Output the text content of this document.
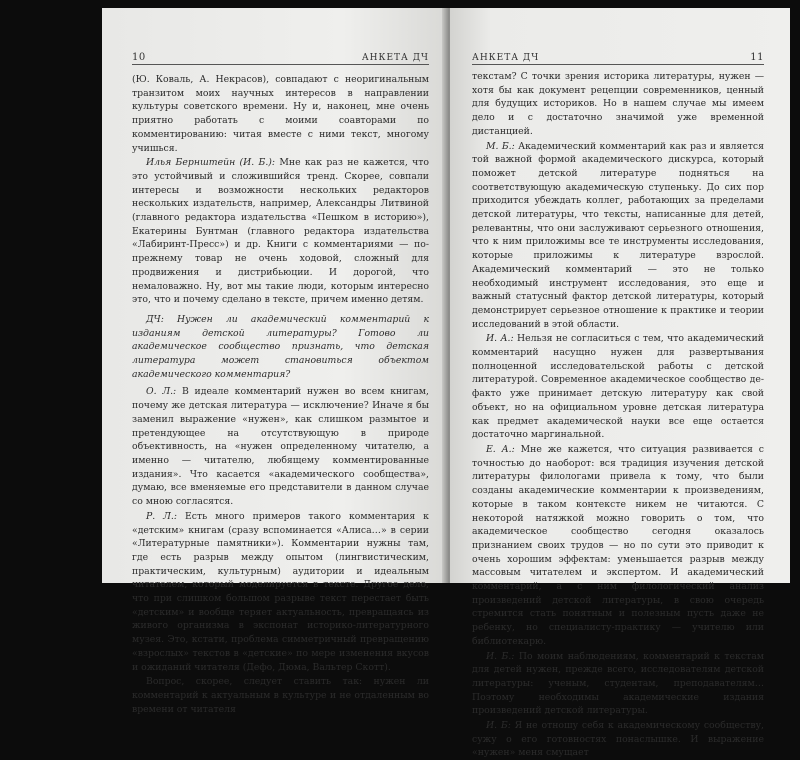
10	АНКЕТА ДЧ

(Ю. Коваль, А. Некрасов), совпадают с неоригинальным транзитом моих научных интересов в направлении культуры советского времени. Ну и, наконец, мне очень приятно работать с моими соавторами по комментированию: читая вместе с ними текст, многому учишься.

Илья Бернштейн (И. Б.): Мне как раз не кажется, что это устойчивый и сложившийся тренд. Скорее, совпали интересы и возможности нескольких редакторов нескольких издательств, например, Александры Литвиной (главного редактора издательства «Пешком в историю»), Екатерины Бунтман (главного редактора издательства «Лабиринт-Пресс») и др. Книги с комментариями — по-прежнему товар не очень ходовой, сложный для продвижения и дистрибьюции. И дорогой, что немаловажно. Ну, вот мы такие люди, которым интересно это, что и почему сделано в тексте, причем именно детям.

ДЧ: Нужен ли академический комментарий к изданиям детской литературы? Готово ли академическое сообщество признать, что детская литература может становиться объектом академического комментария?

О. Л.: В идеале комментарий нужен во всем книгам, почему же детская литература — исключение? Иначе я бы заменил выражение «нужен», как слишком размытое и претендующее на отсутствующую в природе объективность, на «нужен определенному читателю, а именно — читателю, любящему комментированные издания». Что касается «академического сообщества», думаю, все вменяемые его представители в данном случае со мною согласятся.

Р. Л.: Есть много примеров такого комментария к «детским» книгам (сразу вспоминается «Алиса…» в серии «Литературные памятники»). Комментарии нужны там, где есть разрыв между опытом (лингвистическим, практическим, культурным) аудитории и идеальным читателем, который моделируется в тексте. Другое дело, что при слишком большом разрыве текст перестает быть «детским» и вообще теряет актуальность, превращаясь из живого организма в экспонат историко-литературного музея. Это, кстати, проблема симметричный превращению «взрослых» текстов в «детские» по мере изменения вкусов и ожиданий читателя (Дефо, Дюма, Вальтер Скотт).

Вопрос, скорее, следует ставить так: нужен ли комментарий к актуальным в культуре и не отдаленным во времени от читателя

АНКЕТА ДЧ	11

текстам? С точки зрения историка литературы, нужен — хотя бы как документ рецепции современников, ценный для будущих историков. Но в нашем случае мы имеем дело и с достаточно значимой уже временной дистанцией.

М. Б.: Академический комментарий как раз и является той важной формой академического дискурса, который поможет детской литературе подняться на соответствующую академическую ступеньку. До сих пор приходится убеждать коллег, работающих за пределами детской литературы, что тексты, написанные для детей, релевантны, что они заслуживают серьезного отношения, что к ним приложимы все те инструменты исследования, которые приложимы к литературе взрослой. Академический комментарий — это не только необходимый инструмент исследования, это еще и важный статусный фактор детской литературы, который демонстрирует серьезное отношение к практике и теории исследований в этой области.

И. А.: Нельзя не согласиться с тем, что академический комментарий насущно нужен для развертывания полноценной исследовательской работы с детской литературой. Современное академическое сообщество де-факто уже принимает детскую литературу как свой объект, но на официальном уровне детская литература как предмет академической науки все еще остается достаточно маргинальной.

Е. А.: Мне же кажется, что ситуация развивается с точностью до наоборот: вся традиция изучения детской литературы филологами привела к тому, что были созданы академические комментарии к произведениям, которые в таком контексте никем не читаются. С некоторой натяжкой можно говорить о том, что академическое сообщество сегодня оказалось признанием своих трудов — но по сути это приводит к очень хорошим эффектам: уменьшается разрыв между массовым читателем и экспертом. И академический комментарий, а с ним филологический анализ произведений детской литературы, в свою очередь стремится стать понятным и полезным пусть даже не ребенку, но специалисту-практику — учителю или библиотекарю.

И. Б.: По моим наблюдениям, комментарий к текстам для детей нужен, прежде всего, исследователям детской литературы: ученым, студентам, преподавателям… Поэтому необходимы академические издания произведений детской литературы.

И. Б: Я не отношу себя к академическому сообществу, сужу о его готовностях понаслышке. И выражение «нужен» меня смущает
